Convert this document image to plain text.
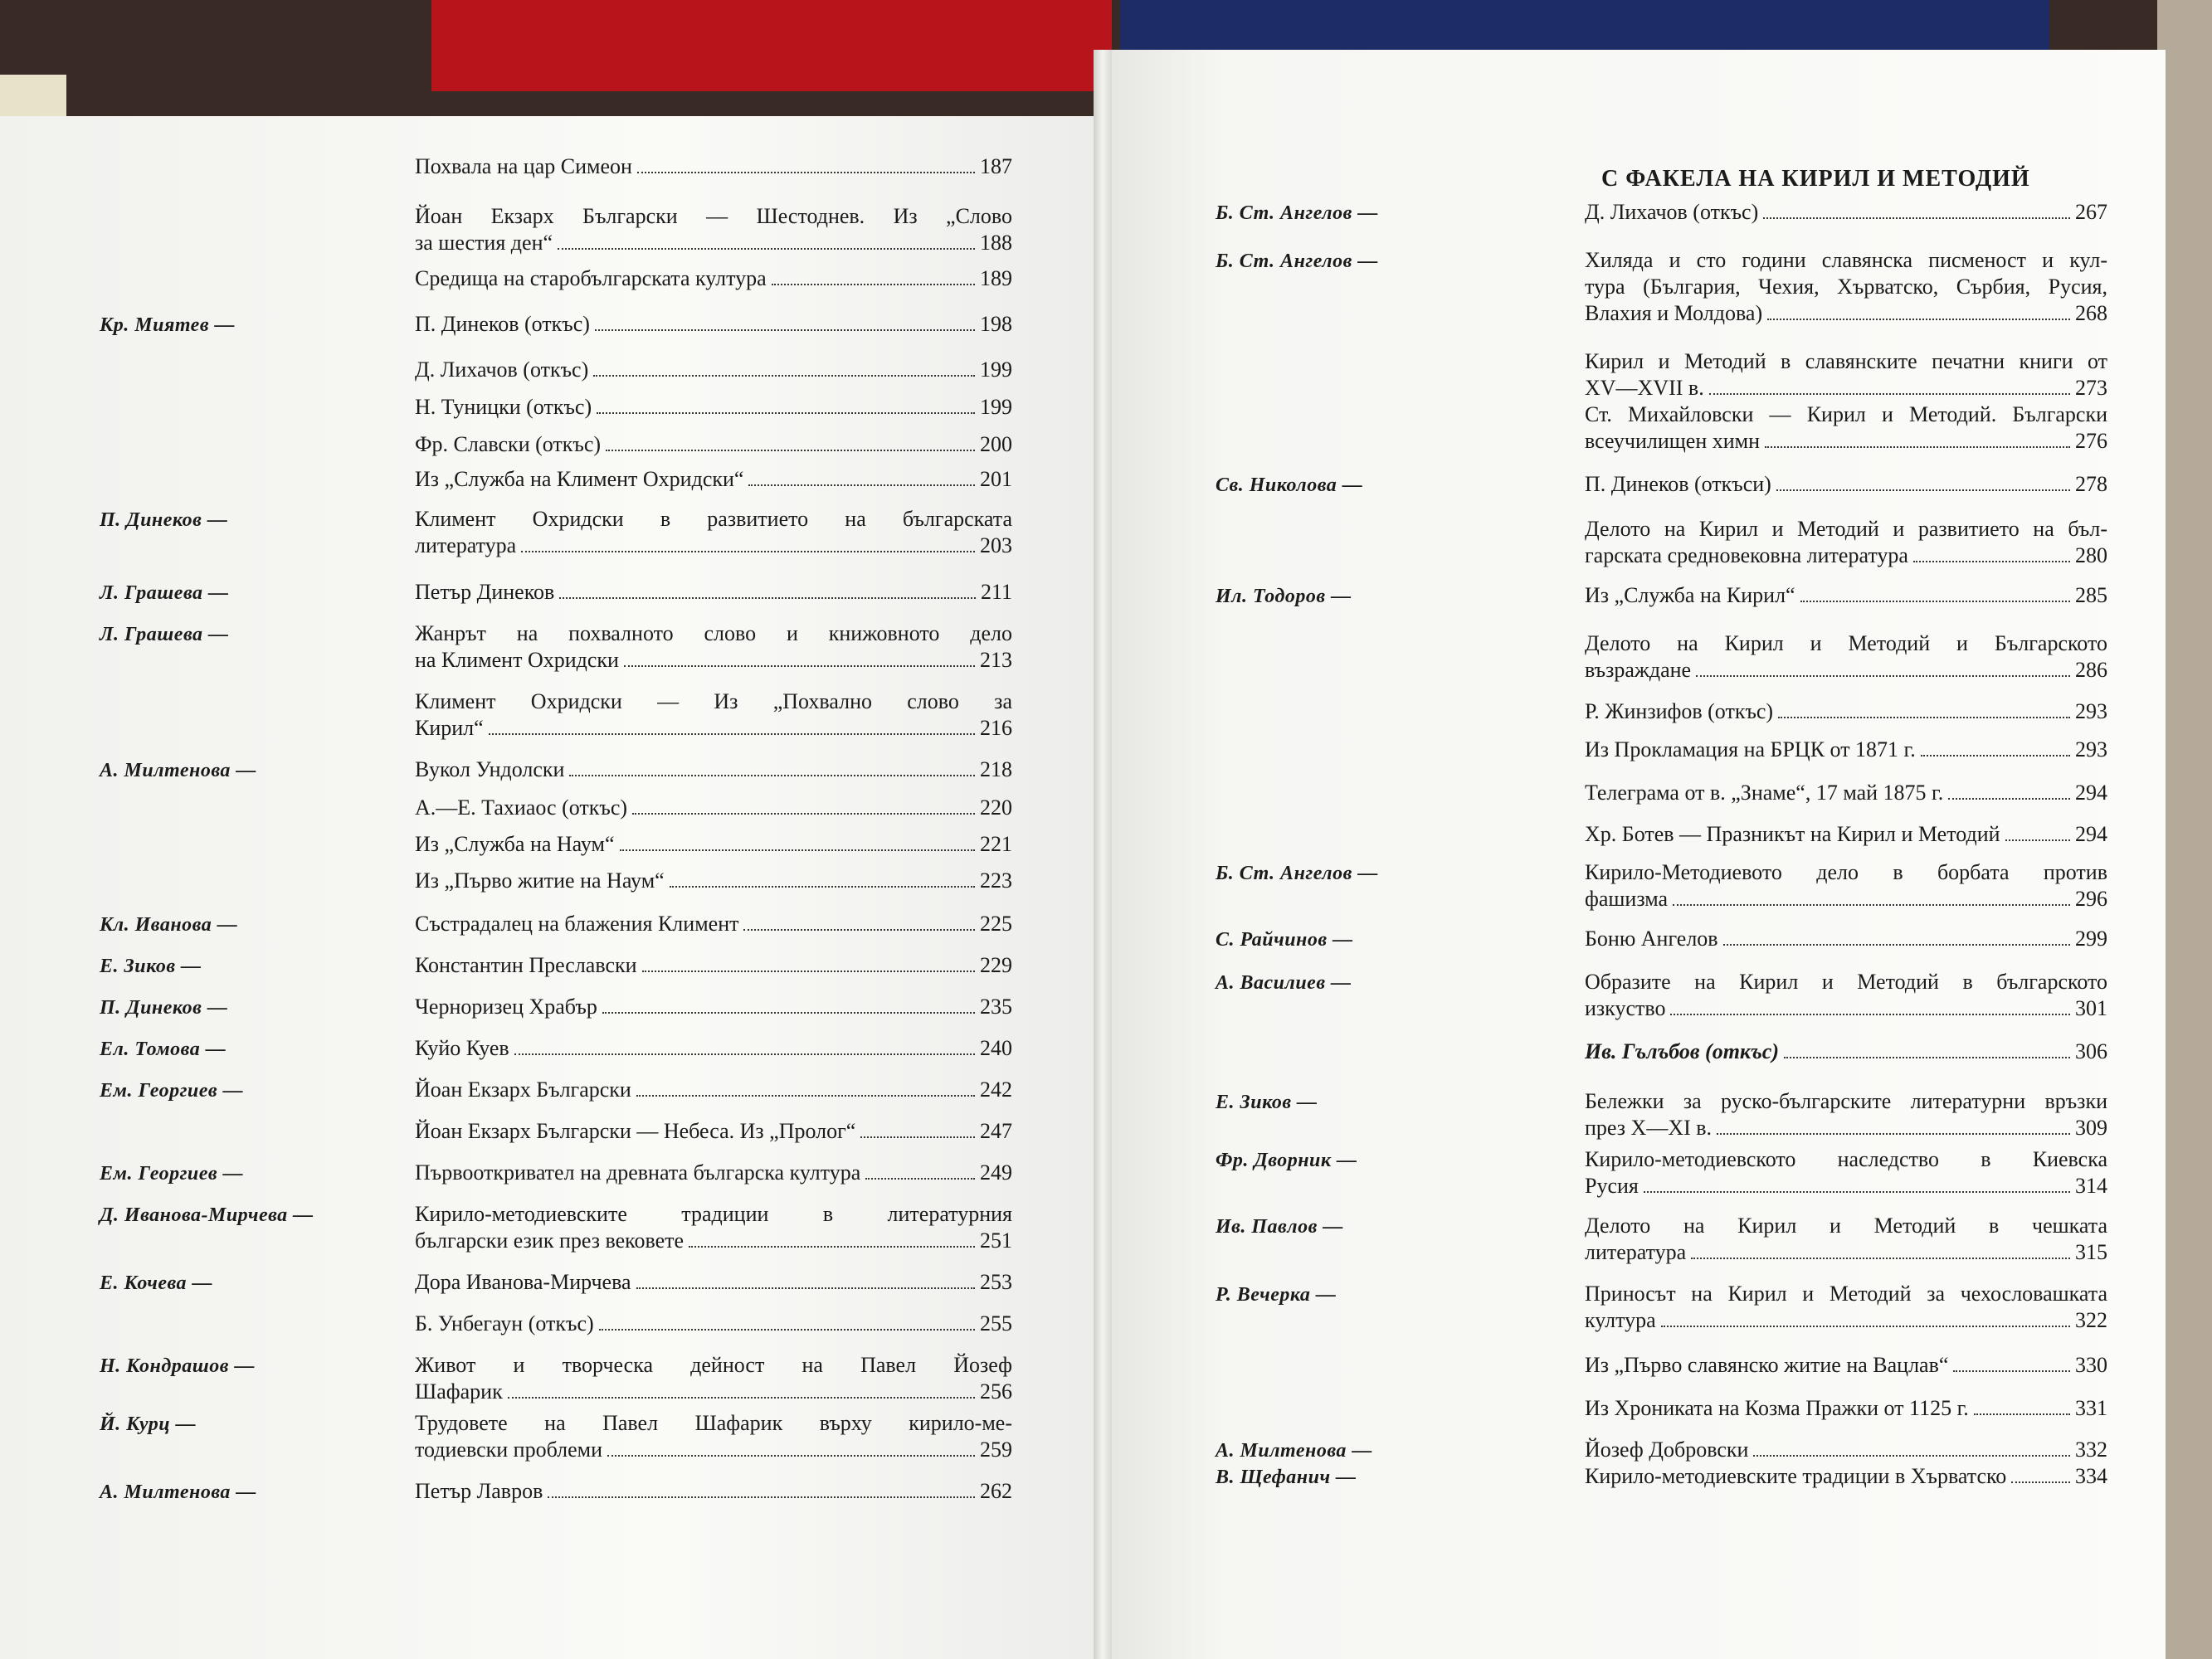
Похвала на цар Симеон	187
Йоан Екзарх Български — Шестоднев. Из „Слово
за шестия ден“	188
Средища на старобългарската култура	189
Кр. Миятев —	П. Динеков (откъс)	198
Д. Лихачов (откъс)	199
Н. Туницки (откъс)	199
Фр. Славски (откъс)	200
Из „Служба на Климент Охридски“	201
П. Динеков —	Климент Охридски в развитието на българската
литература	203
Л. Грашева —	Петър Динеков	211
Л. Грашева —	Жанрът на похвалното слово и книжовното дело
на Климент Охридски	213
Климент Охридски — Из „Похвално слово за
Кирил“	216
А. Милтенова —	Вукол Ундолски	218
А.—Е. Тахиаос (откъс)	220
Из „Служба на Наум“	221
Из „Първо житие на Наум“	223
Кл. Иванова —	Състрадалец на блажения Климент	225
Е. Зиков —	Константин Преславски	229
П. Динеков —	Черноризец Храбър	235
Ел. Томова —	Куйо Куев	240
Ем. Георгиев —	Йоан Екзарх Български	242
Йоан Екзарх Български — Небеса. Из „Пролог“	247
Ем. Георгиев —	Първооткривател на древната българска култура	249
Д. Иванова-Мирчева —	Кирило-методиевските традиции в литературния
български език през вековете	251
Е. Кочева —	Дора Иванова-Мирчева	253
Б. Унбегаун (откъс)	255
Н. Кондрашов —	Живот и творческа дейност на Павел Йозеф
Шафарик	256
Й. Курц —	Трудовете на Павел Шафарик върху кирило-ме-
тодиевски проблеми	259
А. Милтенова —	Петър Лавров	262
С ФАКЕЛА НА КИРИЛ И МЕТОДИЙ
Б. Ст. Ангелов —	Д. Лихачов (откъс)	267
Б. Ст. Ангелов —	Хиляда и сто години славянска писменост и кул-
тура (България, Чехия, Хърватско, Сърбия, Русия,
Влахия и Молдова)	268
Кирил и Методий в славянските печатни книги от
XV—XVII в.	273
Ст. Михайловски — Кирил и Методий. Български
всеучилищен химн	276
Св. Николова —	П. Динеков (откъси)	278
Делото на Кирил и Методий и развитието на бъл-
гарската средновековна литература	280
Ил. Тодоров —	Из „Служба на Кирил“	285
Делото на Кирил и Методий и Българското
възраждане	286
Р. Жинзифов (откъс)	293
Из Прокламация на БРЦК от 1871 г.	293
Телеграма от в. „Знаме“, 17 май 1875 г.	294
Хр. Ботев — Празникът на Кирил и Методий	294
Б. Ст. Ангелов —	Кирило-Методиевото дело в борбата против
фашизма	296
С. Райчинов —	Боню Ангелов	299
А. Василиев —	Образите на Кирил и Методий в българското
изкуство	301
Ив. Гълъбов (откъс)	306
Е. Зиков —	Бележки за руско-българските литературни връзки
през X—XI в.	309
Фр. Дворник —	Кирило-методиевското наследство в Киевска
Русия	314
Ив. Павлов —	Делото на Кирил и Методий в чешката
литература	315
Р. Вечерка —	Приносът на Кирил и Методий за чехословашката
култура	322
Из „Първо славянско житие на Вацлав“	330
Из Хрониката на Козма Пражки от 1125 г.	331
А. Милтенова —	Йозеф Добровски	332
В. Щефанич —	Кирило-методиевските традиции в Хърватско	334
